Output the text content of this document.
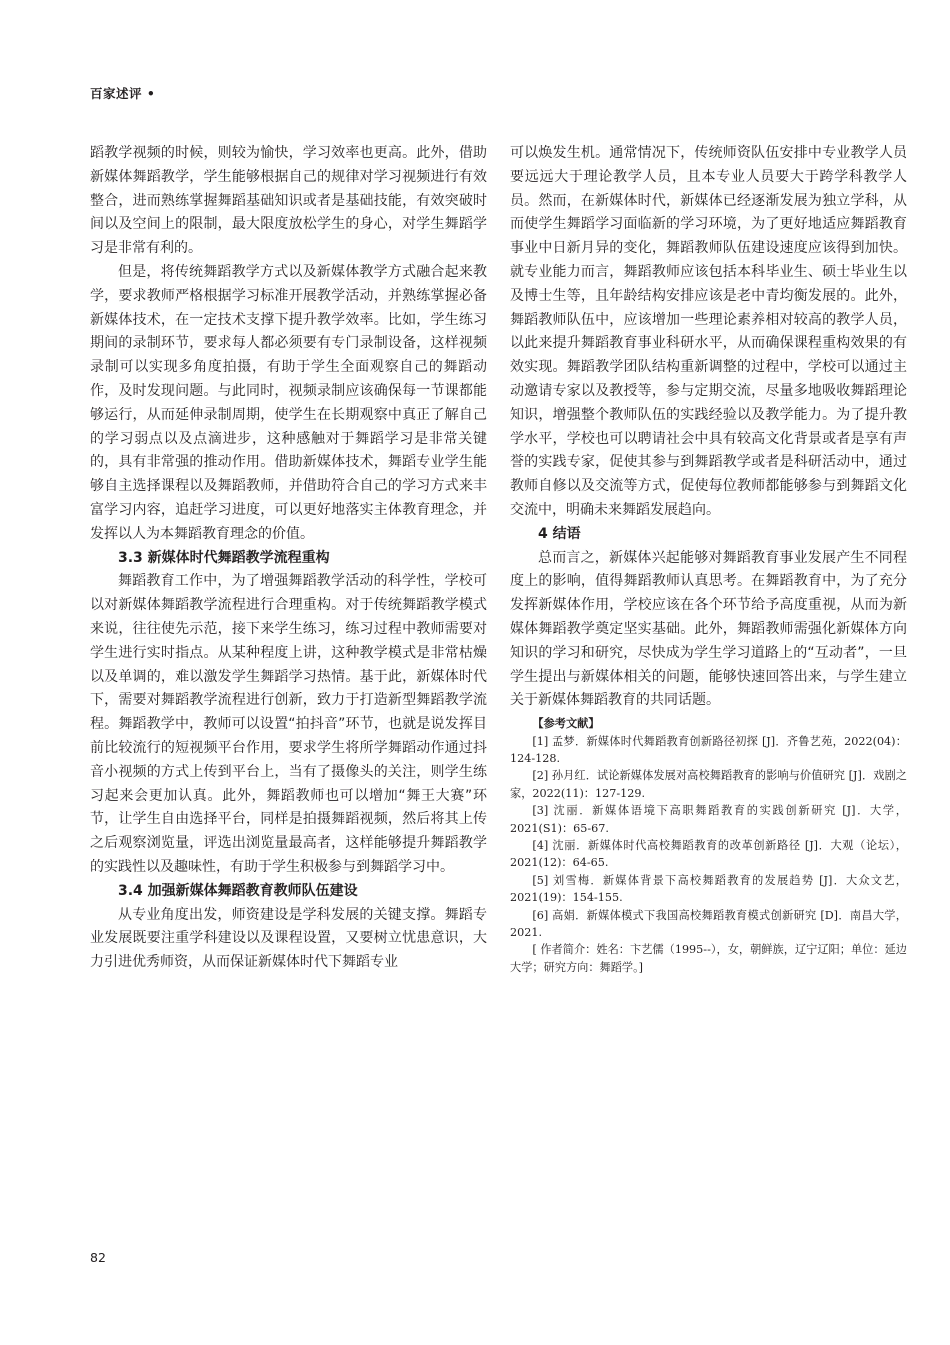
百家述评 •

蹈教学视频的时候，则较为愉快，学习效率也更高。此外，借助新媒体舞蹈教学，学生能够根据自己的规律对学习视频进行有效整合，进而熟练掌握舞蹈基础知识或者是基础技能，有效突破时间以及空间上的限制，最大限度放松学生的身心，对学生舞蹈学习是非常有利的。

但是，将传统舞蹈教学方式以及新媒体教学方式融合起来教学，要求教师严格根据学习标准开展教学活动，并熟练掌握必备新媒体技术，在一定技术支撑下提升教学效率。比如，学生练习期间的录制环节，要求每人都必须要有专门录制设备，这样视频录制可以实现多角度拍摄，有助于学生全面观察自己的舞蹈动作，及时发现问题。与此同时，视频录制应该确保每一节课都能够运行，从而延伸录制周期，使学生在长期观察中真正了解自己的学习弱点以及点滴进步，这种感触对于舞蹈学习是非常关键的，具有非常强的推动作用。借助新媒体技术，舞蹈专业学生能够自主选择课程以及舞蹈教师，并借助符合自己的学习方式来丰富学习内容，追赶学习进度，可以更好地落实主体教育理念，并发挥以人为本舞蹈教育理念的价值。

3.3 新媒体时代舞蹈教学流程重构

舞蹈教育工作中，为了增强舞蹈教学活动的科学性，学校可以对新媒体舞蹈教学流程进行合理重构。对于传统舞蹈教学模式来说，往往使先示范，接下来学生练习，练习过程中教师需要对学生进行实时指点。从某种程度上讲，这种教学模式是非常枯燥以及单调的，难以激发学生舞蹈学习热情。基于此，新媒体时代下，需要对舞蹈教学流程进行创新，致力于打造新型舞蹈教学流程。舞蹈教学中，教师可以设置“拍抖音”环节，也就是说发挥目前比较流行的短视频平台作用，要求学生将所学舞蹈动作通过抖音小视频的方式上传到平台上，当有了摄像头的关注，则学生练习起来会更加认真。此外，舞蹈教师也可以增加“舞王大赛”环节，让学生自由选择平台，同样是拍摄舞蹈视频，然后将其上传之后观察浏览量，评选出浏览量最高者，这样能够提升舞蹈教学的实践性以及趣味性，有助于学生积极参与到舞蹈学习中。

3.4 加强新媒体舞蹈教育教师队伍建设

从专业角度出发，师资建设是学科发展的关键支撑。舞蹈专业发展既要注重学科建设以及课程设置，又要树立忧患意识，大力引进优秀师资，从而保证新媒体时代下舞蹈专业

可以焕发生机。通常情况下，传统师资队伍安排中专业教学人员要远远大于理论教学人员，且本专业人员要大于跨学科教学人员。然而，在新媒体时代，新媒体已经逐渐发展为独立学科，从而使学生舞蹈学习面临新的学习环境，为了更好地适应舞蹈教育事业中日新月异的变化，舞蹈教师队伍建设速度应该得到加快。就专业能力而言，舞蹈教师应该包括本科毕业生、硕士毕业生以及博士生等，且年龄结构安排应该是老中青均衡发展的。此外，舞蹈教师队伍中，应该增加一些理论素养相对较高的教学人员，以此来提升舞蹈教育事业科研水平，从而确保课程重构效果的有效实现。舞蹈教学团队结构重新调整的过程中，学校可以通过主动邀请专家以及教授等，参与定期交流，尽量多地吸收舞蹈理论知识，增强整个教师队伍的实践经验以及教学能力。为了提升教学水平，学校也可以聘请社会中具有较高文化背景或者是享有声誉的实践专家，促使其参与到舞蹈教学或者是科研活动中，通过教师自修以及交流等方式，促使每位教师都能够参与到舞蹈文化交流中，明确未来舞蹈发展趋向。

4 结语

总而言之，新媒体兴起能够对舞蹈教育事业发展产生不同程度上的影响，值得舞蹈教师认真思考。在舞蹈教育中，为了充分发挥新媒体作用，学校应该在各个环节给予高度重视，从而为新媒体舞蹈教学奠定坚实基础。此外，舞蹈教师需强化新媒体方向知识的学习和研究，尽快成为学生学习道路上的“互动者”，一旦学生提出与新媒体相关的问题，能够快速回答出来，与学生建立关于新媒体舞蹈教育的共同话题。

【参考文献】

[1] 孟梦．新媒体时代舞蹈教育创新路径初探 [J]．齐鲁艺苑，2022(04)：124-128.

[2] 孙月红．试论新媒体发展对高校舞蹈教育的影响与价值研究 [J]．戏剧之家，2022(11)：127-129.

[3] 沈丽．新媒体语境下高职舞蹈教育的实践创新研究 [J]．大学，2021(S1)：65-67.

[4] 沈丽．新媒体时代高校舞蹈教育的改革创新路径 [J]．大观（论坛），2021(12)：64-65.

[5] 刘雪梅．新媒体背景下高校舞蹈教育的发展趋势 [J]．大众文艺，2021(19)：154-155.

[6] 高娟．新媒体模式下我国高校舞蹈教育模式创新研究 [D]．南昌大学，2021.

[ 作者简介：姓名：卞艺儒（1995--），女，朝鲜族，辽宁辽阳；单位：延边大学；研究方向：舞蹈学。]

82
